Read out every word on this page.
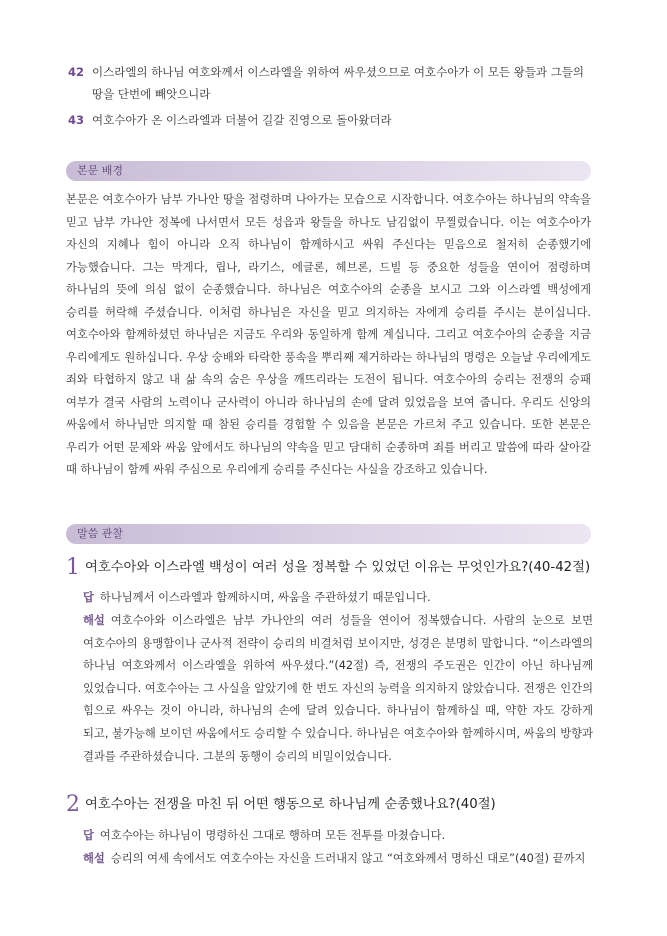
42 이스라엘의 하나님 여호와께서 이스라엘을 위하여 싸우셨으므로 여호수아가 이 모든 왕들과 그들의 땅을 단번에 빼앗으니라
43 여호수아가 온 이스라엘과 더불어 길갈 진영으로 돌아왔더라
본문 배경
본문은 여호수아가 남부 가나안 땅을 점령하며 나아가는 모습으로 시작합니다. 여호수아는 하나님의 약속을 믿고 남부 가나안 정복에 나서면서 모든 성읍과 왕들을 하나도 남김없이 무찔렀습니다. 이는 여호수아가 자신의 지혜나 힘이 아니라 오직 하나님이 함께하시고 싸워 주신다는 믿음으로 철저히 순종했기에 가능했습니다. 그는 막게다, 립나, 라기스, 에글론, 헤브론, 드빌 등 중요한 성들을 연이어 점령하며 하나님의 뜻에 의심 없이 순종했습니다. 하나님은 여호수아의 순종을 보시고 그와 이스라엘 백성에게 승리를 허락해 주셨습니다. 이처럼 하나님은 자신을 믿고 의지하는 자에게 승리를 주시는 분이십니다. 여호수아와 함께하셨던 하나님은 지금도 우리와 동일하게 함께 계십니다. 그리고 여호수아의 순종을 지금 우리에게도 원하십니다. 우상 숭배와 타락한 풍속을 뿌리째 제거하라는 하나님의 명령은 오늘날 우리에게도 죄와 타협하지 않고 내 삶 속의 숨은 우상을 깨뜨리라는 도전이 됩니다. 여호수아의 승리는 전쟁의 승패 여부가 결국 사람의 노력이나 군사력이 아니라 하나님의 손에 달려 있었음을 보여 줍니다. 우리도 신앙의 싸움에서 하나님만 의지할 때 참된 승리를 경험할 수 있음을 본문은 가르쳐 주고 있습니다. 또한 본문은 우리가 어떤 문제와 싸움 앞에서도 하나님의 약속을 믿고 담대히 순종하며 죄를 버리고 말씀에 따라 살아갈 때 하나님이 함께 싸워 주심으로 우리에게 승리를 주신다는 사실을 강조하고 있습니다.
말씀 관찰
1 여호수아와 이스라엘 백성이 여러 성을 정복할 수 있었던 이유는 무엇인가요?(40-42절)
답 하나님께서 이스라엘과 함께하시며, 싸움을 주관하셨기 때문입니다.
해설 여호수아와 이스라엘은 남부 가나안의 여러 성들을 연이어 정복했습니다. 사람의 눈으로 보면 여호수아의 용맹함이나 군사적 전략이 승리의 비결처럼 보이지만, 성경은 분명히 말합니다. “이스라엘의 하나님 여호와께서 이스라엘을 위하여 싸우셨다.”(42절) 즉, 전쟁의 주도권은 인간이 아닌 하나님께 있었습니다. 여호수아는 그 사실을 알았기에 한 번도 자신의 능력을 의지하지 않았습니다. 전쟁은 인간의 힘으로 싸우는 것이 아니라, 하나님의 손에 달려 있습니다. 하나님이 함께하실 때, 약한 자도 강하게 되고, 불가능해 보이던 싸움에서도 승리할 수 있습니다. 하나님은 여호수아와 함께하시며, 싸움의 방향과 결과를 주관하셨습니다. 그분의 동행이 승리의 비밀이었습니다.
2 여호수아는 전쟁을 마친 뒤 어떤 행동으로 하나님께 순종했나요?(40절)
답 여호수아는 하나님이 명령하신 그대로 행하며 모든 전투를 마쳤습니다.
해설 승리의 여세 속에서도 여호수아는 자신을 드러내지 않고 “여호와께서 명하신 대로”(40절) 끝까지
